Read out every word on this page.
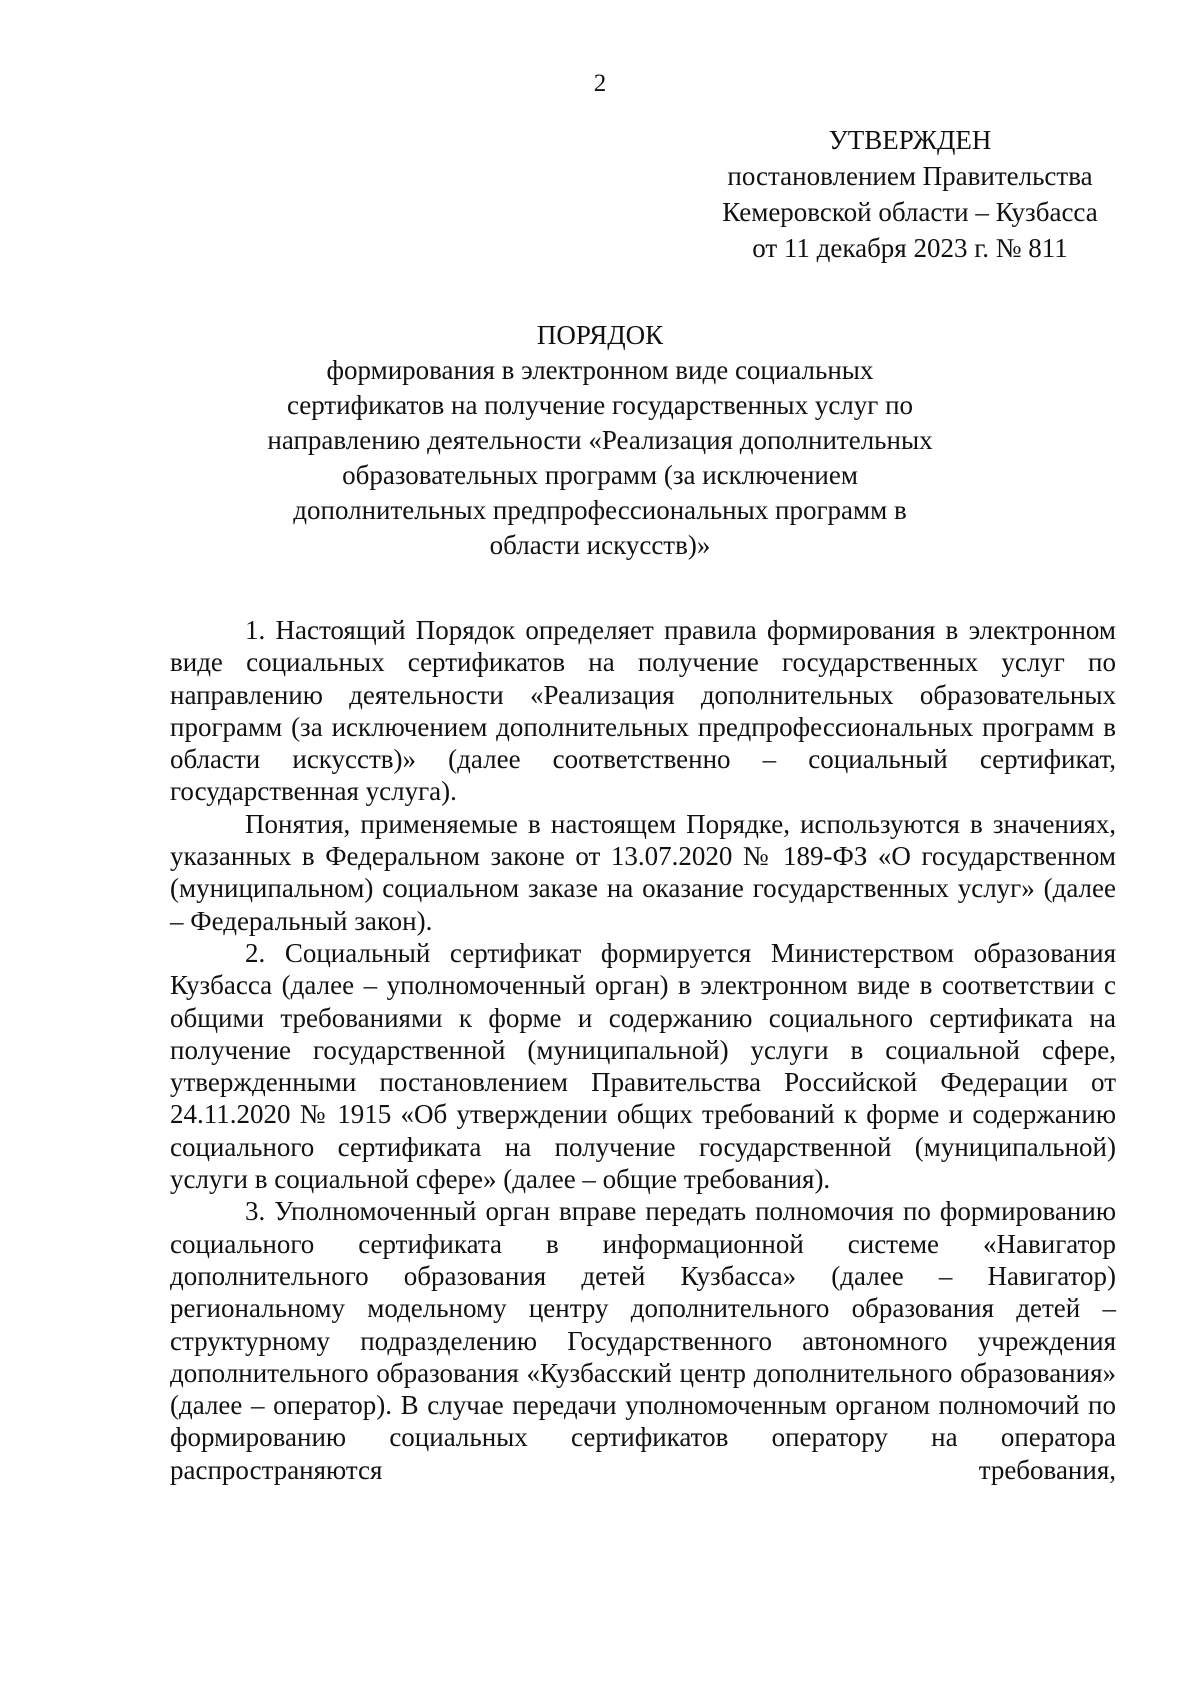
2
УТВЕРЖДЕН
постановлением Правительства
Кемеровской области – Кузбасса
от 11 декабря 2023 г. № 811
ПОРЯДОК
формирования в электронном виде социальных
сертификатов на получение государственных услуг по
направлению деятельности «Реализация дополнительных
образовательных программ (за исключением
дополнительных предпрофессиональных программ в
области искусств)»

1. Настоящий Порядок определяет правила формирования в электронном виде социальных сертификатов на получение государственных услуг по направлению деятельности «Реализация дополнительных образовательных программ (за исключением дополнительных предпрофессиональных программ в области искусств)» (далее соответственно – социальный сертификат, государственная услуга).

Понятия, применяемые в настоящем Порядке, используются в значениях, указанных в Федеральном законе от 13.07.2020 № 189-ФЗ «О государственном (муниципальном) социальном заказе на оказание государственных услуг» (далее – Федеральный закон).

2. Социальный сертификат формируется Министерством образования Кузбасса (далее – уполномоченный орган) в электронном виде в соответствии с общими требованиями к форме и содержанию социального сертификата на получение государственной (муниципальной) услуги в социальной сфере, утвержденными постановлением Правительства Российской Федерации от 24.11.2020 № 1915 «Об утверждении общих требований к форме и содержанию социального сертификата на получение государственной (муниципальной) услуги в социальной сфере» (далее – общие требования).

3. Уполномоченный орган вправе передать полномочия по формированию социального сертификата в информационной системе «Навигатор дополнительного образования детей Кузбасса» (далее – Навигатор) региональному модельному центру дополнительного образования детей – структурному подразделению Государственного автономного учреждения дополнительного образования «Кузбасский центр дополнительного образования» (далее – оператор). В случае передачи уполномоченным органом полномочий по формированию социальных сертификатов оператору на оператора распространяются требования,
